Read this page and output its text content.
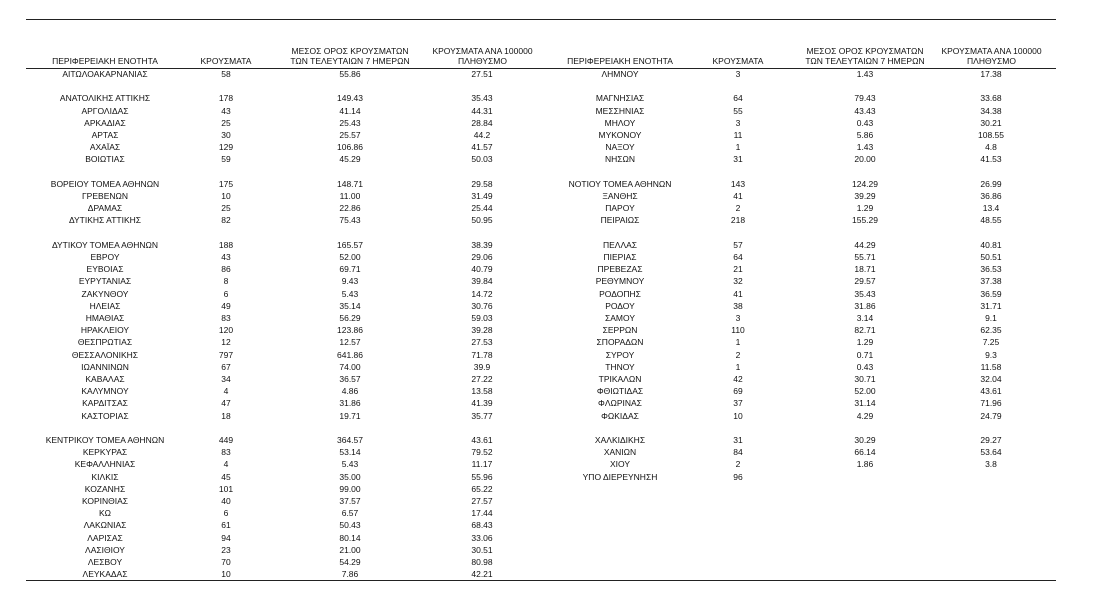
ΠΕΡΙΦΕΡΕΙΑΚΗ ΕΝΟΤΗΤΑ	ΚΡΟΥΣΜΑΤΑ
ΜΕΣΟΣ ΟΡΟΣ ΚΡΟΥΣΜΑΤΩΝ
ΤΩΝ ΤΕΛΕΥΤΑΙΩΝ 7 ΗΜΕΡΩΝ
ΚΡΟΥΣΜΑΤΑ ΑΝΑ 100000
ΠΛΗΘΥΣΜΟ	ΠΕΡΙΦΕΡΕΙΑΚΗ ΕΝΟΤΗΤΑ	ΚΡΟΥΣΜΑΤΑ
ΜΕΣΟΣ ΟΡΟΣ ΚΡΟΥΣΜΑΤΩΝ
ΤΩΝ ΤΕΛΕΥΤΑΙΩΝ 7 ΗΜΕΡΩΝ
ΚΡΟΥΣΜΑΤΑ ΑΝΑ 100000
ΠΛΗΘΥΣΜΟ
ΑΙΤΩΛΟΑΚΑΡΝΑΝΙΑΣ	58	55.86	27.51
ΑΝΑΤΟΛΙΚΗΣ ΑΤΤΙΚΗΣ	178	149.43	35.43
ΑΡΓΟΛΙΔΑΣ	43	41.14	44.31
ΑΡΚΑΔΙΑΣ	25	25.43	28.84
ΑΡΤΑΣ	30	25.57	44.2
ΑΧΑΪΑΣ	129	106.86	41.57
ΒΟΙΩΤΙΑΣ	59	45.29	50.03
ΒΟΡΕΙΟΥ ΤΟΜΕΑ ΑΘΗΝΩΝ	175	148.71	29.58
ΓΡΕΒΕΝΩΝ	10	11.00	31.49
ΔΡΑΜΑΣ	25	22.86	25.44
ΔΥΤΙΚΗΣ ΑΤΤΙΚΗΣ	82	75.43	50.95
ΔΥΤΙΚΟΥ ΤΟΜΕΑ ΑΘΗΝΩΝ	188	165.57	38.39
ΕΒΡΟΥ	43	52.00	29.06
ΕΥΒΟΙΑΣ	86	69.71	40.79
ΕΥΡΥΤΑΝΙΑΣ	8	9.43	39.84
ΖΑΚΥΝΘΟΥ	6	5.43	14.72
ΗΛΕΙΑΣ	49	35.14	30.76
ΗΜΑΘΙΑΣ	83	56.29	59.03
ΗΡΑΚΛΕΙΟΥ	120	123.86	39.28
ΘΕΣΠΡΩΤΙΑΣ	12	12.57	27.53
ΘΕΣΣΑΛΟΝΙΚΗΣ	797	641.86	71.78
ΙΩΑΝΝΙΝΩΝ	67	74.00	39.9
ΚΑΒΑΛΑΣ	34	36.57	27.22
ΚΑΛΥΜΝΟΥ	4	4.86	13.58
ΚΑΡΔΙΤΣΑΣ	47	31.86	41.39
ΚΑΣΤΟΡΙΑΣ	18	19.71	35.77
ΚΕΝΤΡΙΚΟΥ ΤΟΜΕΑ ΑΘΗΝΩΝ	449	364.57	43.61
ΚΕΡΚΥΡΑΣ	83	53.14	79.52
ΚΕΦΑΛΛΗΝΙΑΣ	4	5.43	11.17
ΚΙΛΚΙΣ	45	35.00	55.96
ΚΟΖΑΝΗΣ	101	99.00	65.22
ΚΟΡΙΝΘΙΑΣ	40	37.57	27.57
ΚΩ	6	6.57	17.44
ΛΑΚΩΝΙΑΣ	61	50.43	68.43
ΛΑΡΙΣΑΣ	94	80.14	33.06
ΛΑΣΙΘΙΟΥ	23	21.00	30.51
ΛΕΣΒΟΥ	70	54.29	80.98
ΛΕΥΚΑΔΑΣ	10	7.86	42.21
ΛΗΜΝΟΥ	3	1.43	17.38
ΜΑΓΝΗΣΙΑΣ	64	79.43	33.68
ΜΕΣΣΗΝΙΑΣ	55	43.43	34.38
ΜΗΛΟΥ	3	0.43	30.21
ΜΥΚΟΝΟΥ	11	5.86	108.55
ΝΑΞΟΥ	1	1.43	4.8
ΝΗΣΩΝ	31	20.00	41.53
ΝΟΤΙΟΥ ΤΟΜΕΑ ΑΘΗΝΩΝ	143	124.29	26.99
ΞΑΝΘΗΣ	41	39.29	36.86
ΠΑΡΟΥ	2	1.29	13.4
ΠΕΙΡΑΙΩΣ	218	155.29	48.55
ΠΕΛΛΑΣ	57	44.29	40.81
ΠΙΕΡΙΑΣ	64	55.71	50.51
ΠΡΕΒΕΖΑΣ	21	18.71	36.53
ΡΕΘΥΜΝΟΥ	32	29.57	37.38
ΡΟΔΟΠΗΣ	41	35.43	36.59
ΡΟΔΟΥ	38	31.86	31.71
ΣΑΜΟΥ	3	3.14	9.1
ΣΕΡΡΩΝ	110	82.71	62.35
ΣΠΟΡΑΔΩΝ	1	1.29	7.25
ΣΥΡΟΥ	2	0.71	9.3
ΤΗΝΟΥ	1	0.43	11.58
ΤΡΙΚΑΛΩΝ	42	30.71	32.04
ΦΘΙΩΤΙΔΑΣ	69	52.00	43.61
ΦΛΩΡΙΝΑΣ	37	31.14	71.96
ΦΩΚΙΔΑΣ	10	4.29	24.79
ΧΑΛΚΙΔΙΚΗΣ	31	30.29	29.27
ΧΑΝΙΩΝ	84	66.14	53.64
ΧΙΟΥ	2	1.86	3.8
ΥΠΟ ΔΙΕΡΕΥΝΗΣΗ	96
